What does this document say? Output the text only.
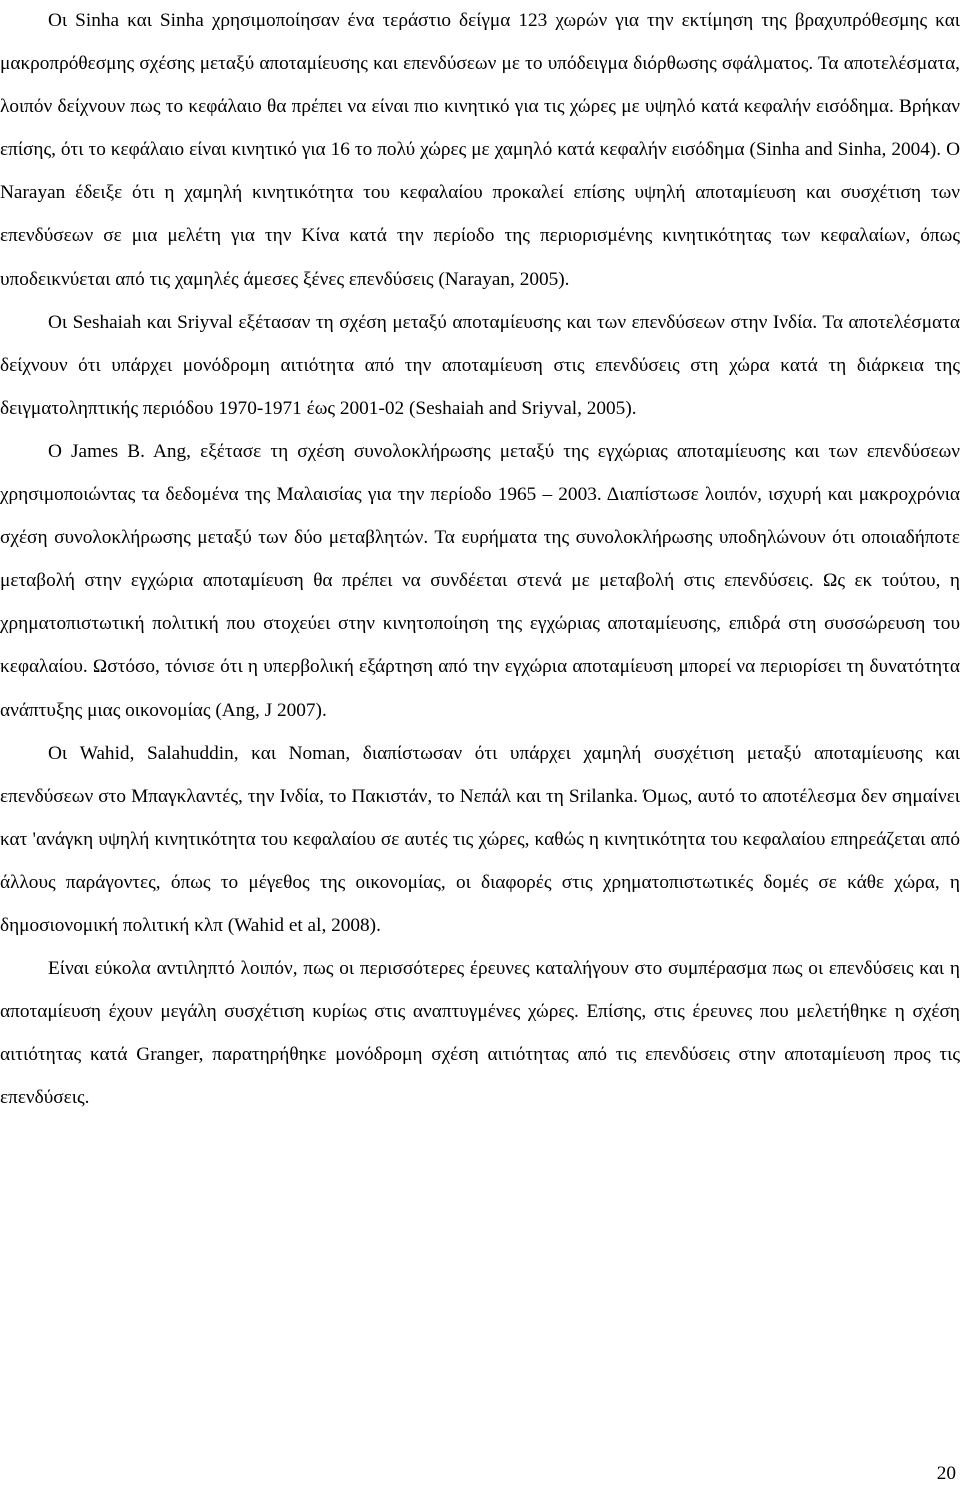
Οι Sinha και Sinha χρησιμοποίησαν ένα τεράστιο δείγμα 123 χωρών για την εκτίμηση της βραχυπρόθεσμης και μακροπρόθεσμης σχέσης μεταξύ αποταμίευσης και επενδύσεων με το υπόδειγμα διόρθωσης σφάλματος. Τα αποτελέσματα, λοιπόν δείχνουν πως το κεφάλαιο θα πρέπει να είναι πιο κινητικό για τις χώρες με υψηλό κατά κεφαλήν εισόδημα. Βρήκαν επίσης, ότι το κεφάλαιο είναι κινητικό για 16 το πολύ χώρες με χαμηλό κατά κεφαλήν εισόδημα (Sinha and Sinha, 2004). Ο Narayan έδειξε ότι η χαμηλή κινητικότητα του κεφαλαίου προκαλεί επίσης υψηλή αποταμίευση και συσχέτιση των επενδύσεων σε μια μελέτη για την Κίνα κατά την περίοδο της περιορισμένης κινητικότητας των κεφαλαίων, όπως υποδεικνύεται από τις χαμηλές άμεσες ξένες επενδύσεις (Narayan, 2005).

Οι Seshaiah και Sriyval εξέτασαν τη σχέση μεταξύ αποταμίευσης και των επενδύσεων στην Ινδία. Τα αποτελέσματα δείχνουν ότι υπάρχει μονόδρομη αιτιότητα από την αποταμίευση στις επενδύσεις στη χώρα κατά τη διάρκεια της δειγματοληπτικής περιόδου 1970-1971 έως 2001-02 (Seshaiah and Sriyval, 2005).

Ο James B. Ang, εξέτασε τη σχέση συνολοκλήρωσης μεταξύ της εγχώριας αποταμίευσης και των επενδύσεων χρησιμοποιώντας τα δεδομένα της Μαλαισίας για την περίοδο 1965 – 2003. Διαπίστωσε λοιπόν, ισχυρή και μακροχρόνια σχέση συνολοκλήρωσης μεταξύ των δύο μεταβλητών. Τα ευρήματα της συνολοκλήρωσης υποδηλώνουν ότι οποιαδήποτε μεταβολή στην εγχώρια αποταμίευση θα πρέπει να συνδέεται στενά με μεταβολή στις επενδύσεις. Ως εκ τούτου, η χρηματοπιστωτική πολιτική που στοχεύει στην κινητοποίηση της εγχώριας αποταμίευσης, επιδρά στη συσσώρευση του κεφαλαίου. Ωστόσο, τόνισε ότι η υπερβολική εξάρτηση από την εγχώρια αποταμίευση μπορεί να περιορίσει τη δυνατότητα ανάπτυξης μιας οικονομίας (Ang, J 2007).

Οι Wahid, Salahuddin, και Noman, διαπίστωσαν ότι υπάρχει χαμηλή συσχέτιση μεταξύ αποταμίευσης και επενδύσεων στο Μπαγκλαντές, την Ινδία, το Πακιστάν, το Νεπάλ και τη Srilanka. Όμως, αυτό το αποτέλεσμα δεν σημαίνει κατ 'ανάγκη υψηλή κινητικότητα του κεφαλαίου σε αυτές τις χώρες, καθώς η κινητικότητα του κεφαλαίου επηρεάζεται από άλλους παράγοντες, όπως το μέγεθος της οικονομίας, οι διαφορές στις χρηματοπιστωτικές δομές σε κάθε χώρα, η δημοσιονομική πολιτική κλπ (Wahid et al, 2008).

Είναι εύκολα αντιληπτό λοιπόν, πως οι περισσότερες έρευνες καταλήγουν στο συμπέρασμα πως οι επενδύσεις και η αποταμίευση έχουν μεγάλη συσχέτιση κυρίως στις αναπτυγμένες χώρες. Επίσης, στις έρευνες που μελετήθηκε η σχέση αιτιότητας κατά Granger, παρατηρήθηκε μονόδρομη σχέση αιτιότητας από τις επενδύσεις στην αποταμίευση προς τις επενδύσεις.

20
